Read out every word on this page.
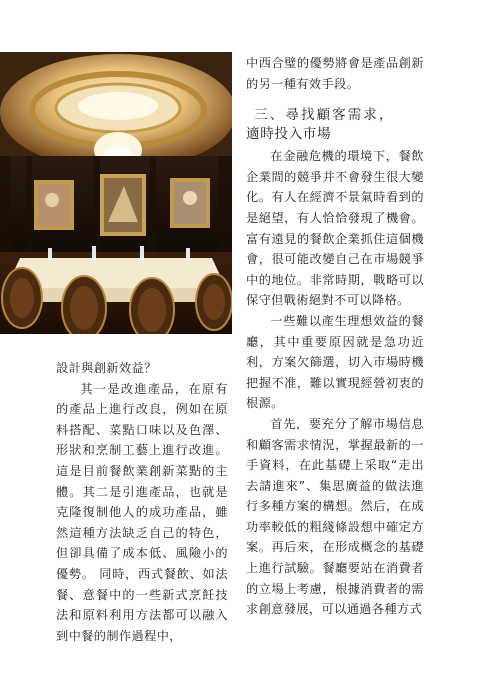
設計與創新效益？

其一是改進產品，在原有的產品上進行改良，例如在原料搭配、菜點口味以及色澤、形狀和烹制工藝上進行改進。這是目前餐飲業創新菜點的主體。其二是引進產品，也就是克隆復制他人的成功產品，雖然這種方法缺乏自己的特色，但卻具備了成本低、風險小的優勢。 同時，西式餐飲、如法餐、意餐中的一些新式烹飪技法和原料利用方法都可以融入到中餐的制作過程中，

中西合璧的優勢將會是產品創新的另一種有效手段。

三、尋找顧客需求，
適時投入市場

在金融危機的環境下，餐飲企業間的競爭并不會發生很大變化。有人在經濟不景氣時看到的是絕望，有人恰恰發現了機會。富有遠見的餐飲企業抓住這個機會，很可能改變自己在市場競爭中的地位。非常時期，戰略可以保守但戰術絕對不可以降格。

一些難以產生理想效益的餐廳，其中重要原因就是急功近利，方案欠篩選，切入市場時機把握不准，難以實現經營初衷的根源。

首先，要充分了解市場信息和顧客需求情況，掌握最新的一手資料，在此基礎上采取“走出去請進來”、集思廣益的做法進行多種方案的構想。然后，在成功率較低的粗綫條設想中確定方案。再后來，在形成概念的基礎上進行試驗。餐廳要站在消費者的立場上考慮，根據消費者的需求創意發展，可以通過各種方式
